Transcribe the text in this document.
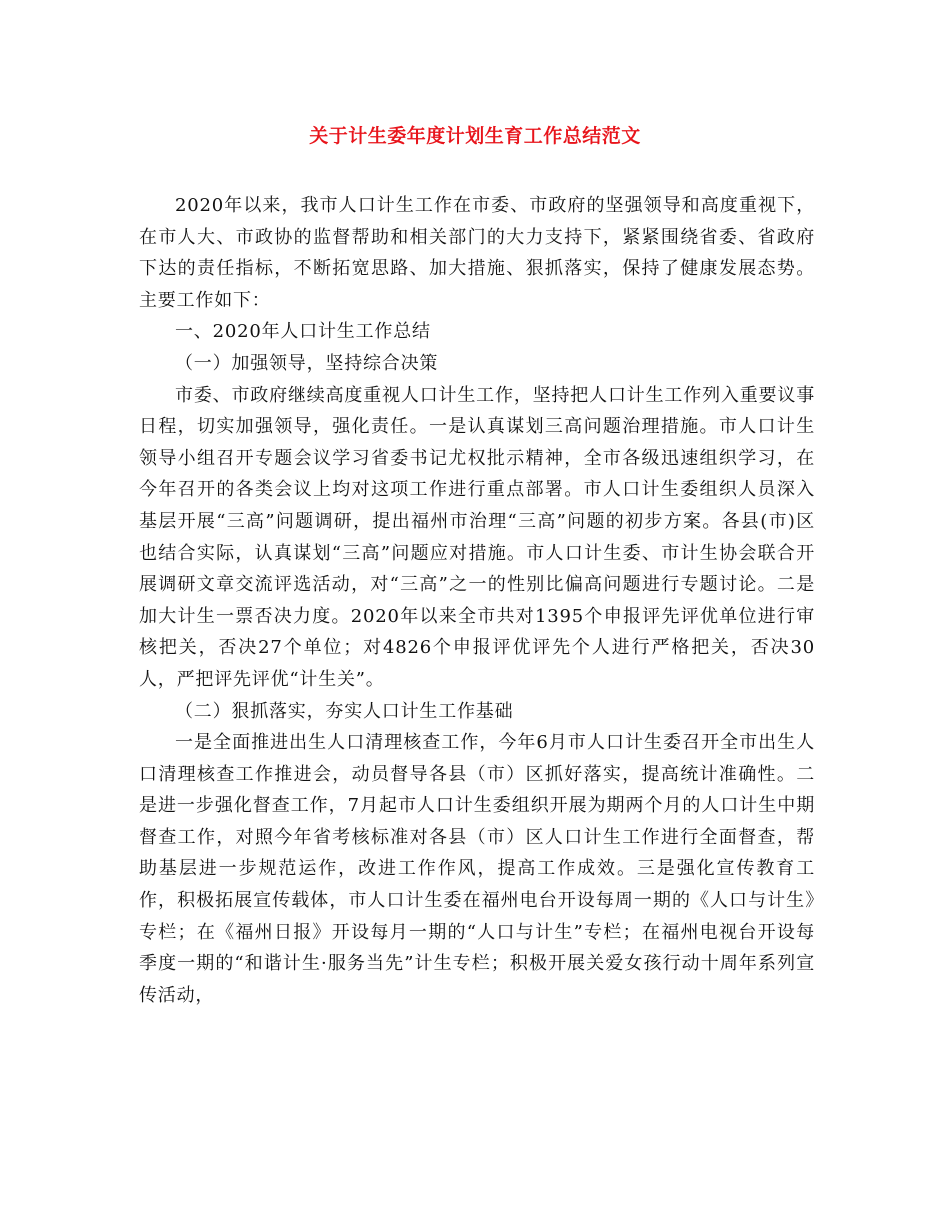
关于计生委年度计划生育工作总结范文

2020年以来，我市人口计生工作在市委、市政府的坚强领导和高度重视下，在市人大、市政协的监督帮助和相关部门的大力支持下，紧紧围绕省委、省政府下达的责任指标，不断拓宽思路、加大措施、狠抓落实，保持了健康发展态势。主要工作如下：

一、2020年人口计生工作总结

（一）加强领导，坚持综合决策

市委、市政府继续高度重视人口计生工作，坚持把人口计生工作列入重要议事日程，切实加强领导，强化责任。一是认真谋划三高问题治理措施。市人口计生领导小组召开专题会议学习省委书记尤权批示精神，全市各级迅速组织学习，在今年召开的各类会议上均对这项工作进行重点部署。市人口计生委组织人员深入基层开展“三高”问题调研，提出福州市治理“三高”问题的初步方案。各县(市)区也结合实际，认真谋划“三高”问题应对措施。市人口计生委、市计生协会联合开展调研文章交流评选活动，对“三高”之一的性别比偏高问题进行专题讨论。二是加大计生一票否决力度。2020年以来全市共对1395个申报评先评优单位进行审核把关，否决27个单位；对4826个申报评优评先个人进行严格把关，否决30人，严把评先评优“计生关”。

（二）狠抓落实，夯实人口计生工作基础

一是全面推进出生人口清理核查工作，今年6月市人口计生委召开全市出生人口清理核查工作推进会，动员督导各县（市）区抓好落实，提高统计准确性。二是进一步强化督查工作，7月起市人口计生委组织开展为期两个月的人口计生中期督查工作，对照今年省考核标准对各县（市）区人口计生工作进行全面督查，帮助基层进一步规范运作，改进工作作风，提高工作成效。三是强化宣传教育工作，积极拓展宣传载体，市人口计生委在福州电台开设每周一期的《人口与计生》专栏；在《福州日报》开设每月一期的“人口与计生”专栏；在福州电视台开设每季度一期的“和谐计生·服务当先”计生专栏；积极开展关爱女孩行动十周年系列宣传活动，
